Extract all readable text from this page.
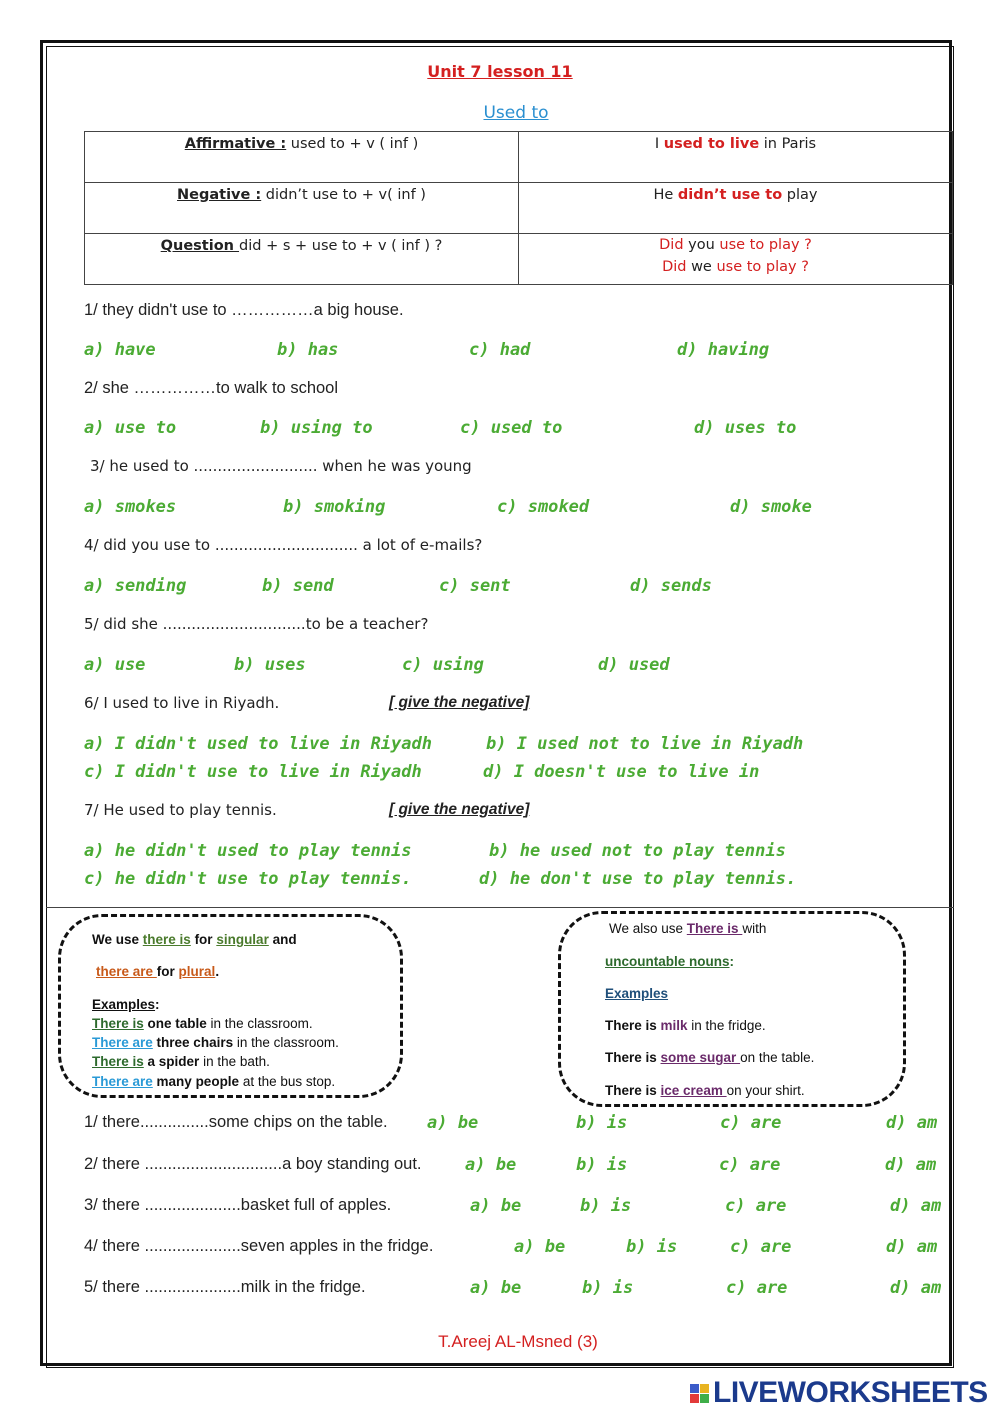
Unit 7 lesson 11
Used to
Affirmative : used to + v ( inf )	I used to live in Paris
Negative : didn’t use to + v( inf )	He didn’t use to play
Question did + s + use to + v ( inf ) ?	Did you use to play ?
Did we use to play ?
1/ they didn't use to ……………a big house.
a) have	b) has	c) had	d) having
2/ she ……………to walk to school
a) use to	b) using to	c) used to	d) uses to
3/ he used to .......................... when he was young
a) smokes	b) smoking	c) smoked	d) smoke
4/ did you use to .............................. a lot of e-mails?
a) sending	b) send	c) sent	d) sends
5/ did she ..............................to be a teacher?
a) use	b) uses	c) using	d) used
6/ I used to live in Riyadh.	[ give the negative]
a) I didn't used to live in Riyadh	b) I used not to live in Riyadh
c) I didn't use to live in Riyadh	d) I doesn't use to live in
7/ He used to play tennis.	[ give the negative]
a) he didn't used to play tennis	b) he used not to play tennis
c) he didn't use to play tennis.	d) he don't use to play tennis.
We use there is for singular and
there are for plural.
Examples:
There is one table in the classroom.
There are three chairs in the classroom.
There is a spider in the bath.
There are many people at the bus stop.
We also use There is with
uncountable nouns:
Examples
There is milk in the fridge.
There is some sugar on the table.
There is ice cream on your shirt.
1/ there...............some chips on the table. a) be	b) is	c) are	d) am
2/ there ..............................a boy standing out.	a) be	b) is	c) are	d) am
3/ there .....................basket full of apples.	a) be	b) is	c) are	d) am
4/ there .....................seven apples in the fridge.	a) be	b) is	c) are	d) am
5/ there .....................milk in the fridge.	a) be	b) is	c) are	d) am
T.Areej AL-Msned (3)
LIVEWORKSHEETS
